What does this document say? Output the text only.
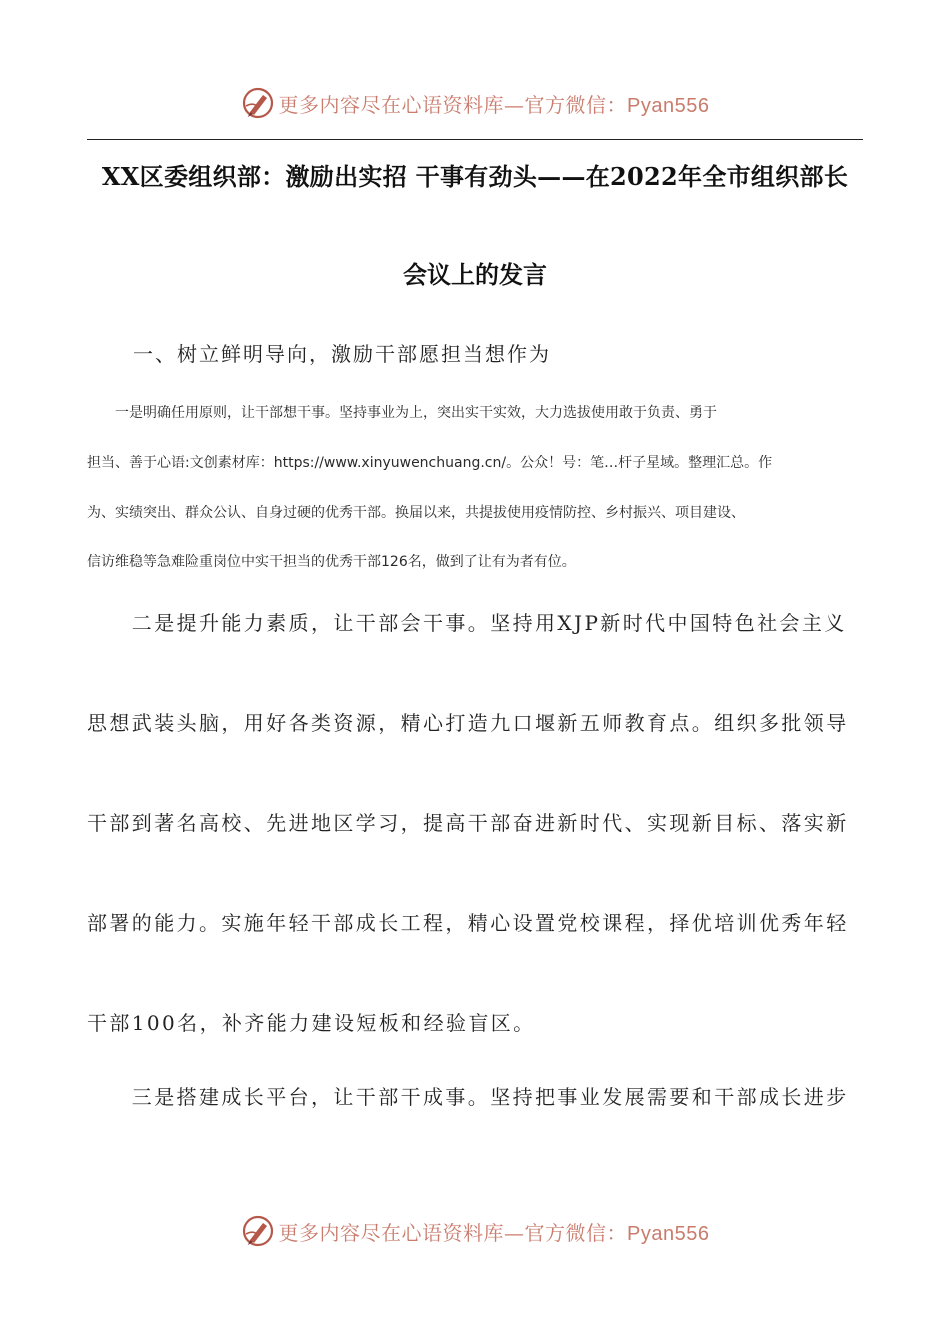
更多内容尽在心语资料库—官方微信：Pyan556
XX区委组织部：激励出实招 干事有劲头——在2022年全市组织部长
会议上的发言
一、树立鲜明导向，激励干部愿担当想作为
　　一是明确任用原则，让干部想干事。坚持事业为上，突出实干实效，大力选拔使用敢于负责、勇于
担当、善于心语:文创素材库：https://www.xinyuwenchuang.cn/。公众！号：笔…杆子星域。整理汇总。作
为、实绩突出、群众公认、自身过硬的优秀干部。换届以来，共提拔使用疫情防控、乡村振兴、项目建设、
信访维稳等急难险重岗位中实干担当的优秀干部126名，做到了让有为者有位。
　　二是提升能力素质，让干部会干事。坚持用XJP新时代中国特色社会主义
思想武装头脑，用好各类资源，精心打造九口堰新五师教育点。组织多批领导
干部到著名高校、先进地区学习，提高干部奋进新时代、实现新目标、落实新
部署的能力。实施年轻干部成长工程，精心设置党校课程，择优培训优秀年轻
干部100名，补齐能力建设短板和经验盲区。
　　三是搭建成长平台，让干部干成事。坚持把事业发展需要和干部成长进步
更多内容尽在心语资料库—官方微信：Pyan556
